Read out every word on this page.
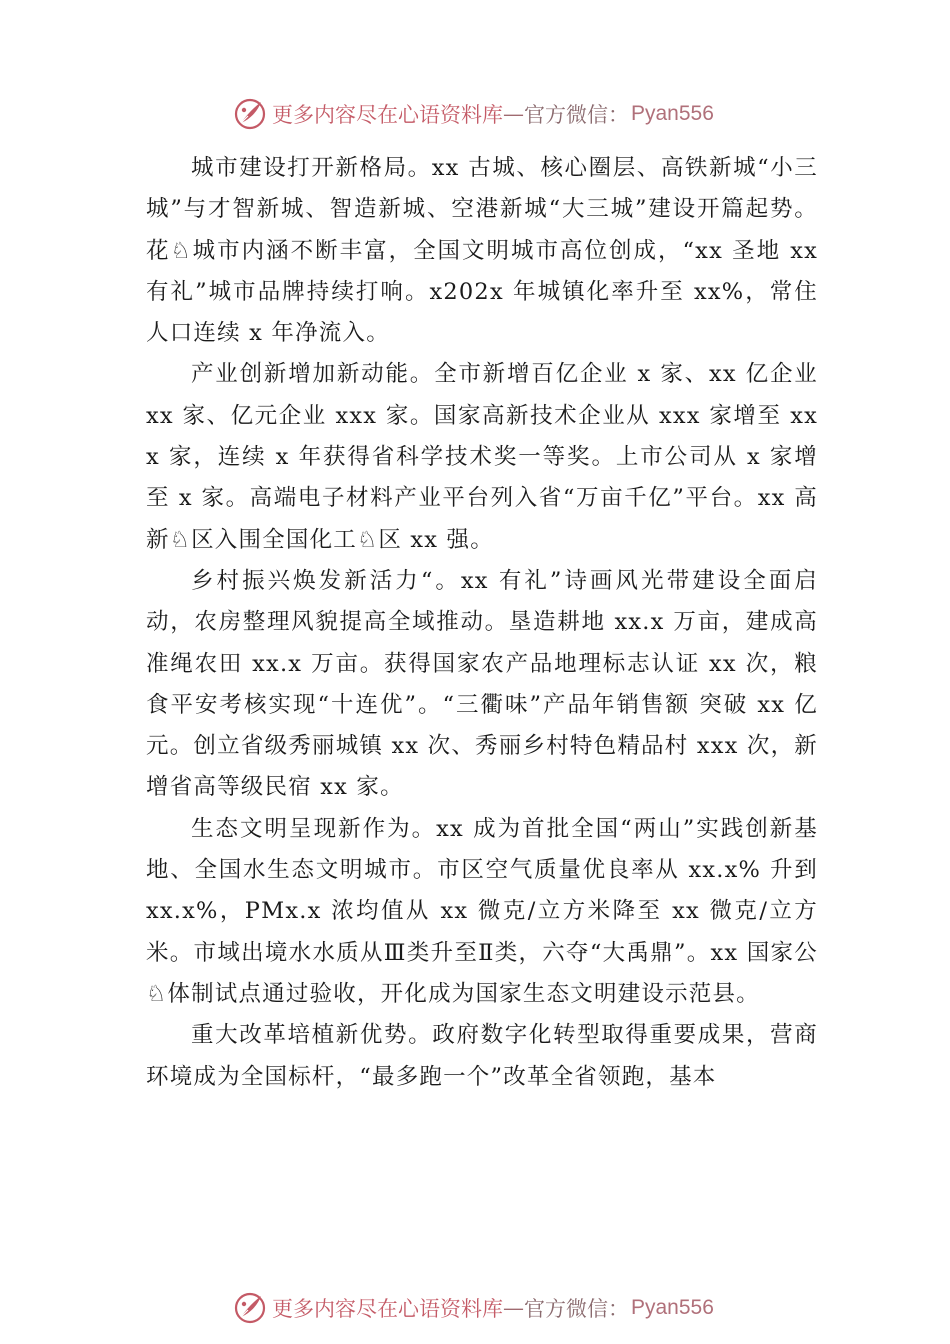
更多内容尽在心语资料库 — 官方微信： Pyan556

城市建设打开新格局。xx 古城、核心圈层、高铁新城“小三城”与才智新城、智造新城、空港新城“大三城”建设开篇起势。花♘城市内涵不断丰富，全国文明城市高位创成，“xx 圣地 xx 有礼”城市品牌持续打响。x202x 年城镇化率升至 xx%，常住人口连续 x 年净流入。

产业创新增加新动能。全市新增百亿企业 x 家、xx 亿企业 xx 家、亿元企业 xxx 家。国家高新技术企业从 xxx 家增至 xxx 家，连续 x 年获得省科学技术奖一等奖。上市公司从 x 家增至 x 家。高端电子材料产业平台列入省“万亩千亿”平台。xx 高新♘区入围全国化工♘区 xx 强。

乡村振兴焕发新活力“。xx 有礼”诗画风光带建设全面启动，农房整理风貌提高全域推动。垦造耕地 xx.x 万亩，建成高准绳农田 xx.x 万亩。获得国家农产品地理标志认证 xx 次，粮食平安考核实现“十连优”。“三衢味”产品年销售额 突破 xx 亿元。创立省级秀丽城镇 xx 次、秀丽乡村特色精品村 xxx 次，新增省高等级民宿 xx 家。

生态文明呈现新作为。xx 成为首批全国“两山”实践创新基地、全国水生态文明城市。市区空气质量优良率从 xx.x% 升到 xx.x%，PMx.x 浓均值从 xx 微克/立方米降至 xx 微克/立方米。市域出境水水质从Ⅲ类升至Ⅱ类，六夺“大禹鼎”。xx 国家公♘体制试点通过验收，开化成为国家生态文明建设示范县。

重大改革培植新优势。政府数字化转型取得重要成果，营商环境成为全国标杆，“最多跑一个”改革全省领跑，基本

更多内容尽在心语资料库 — 官方微信： Pyan556
